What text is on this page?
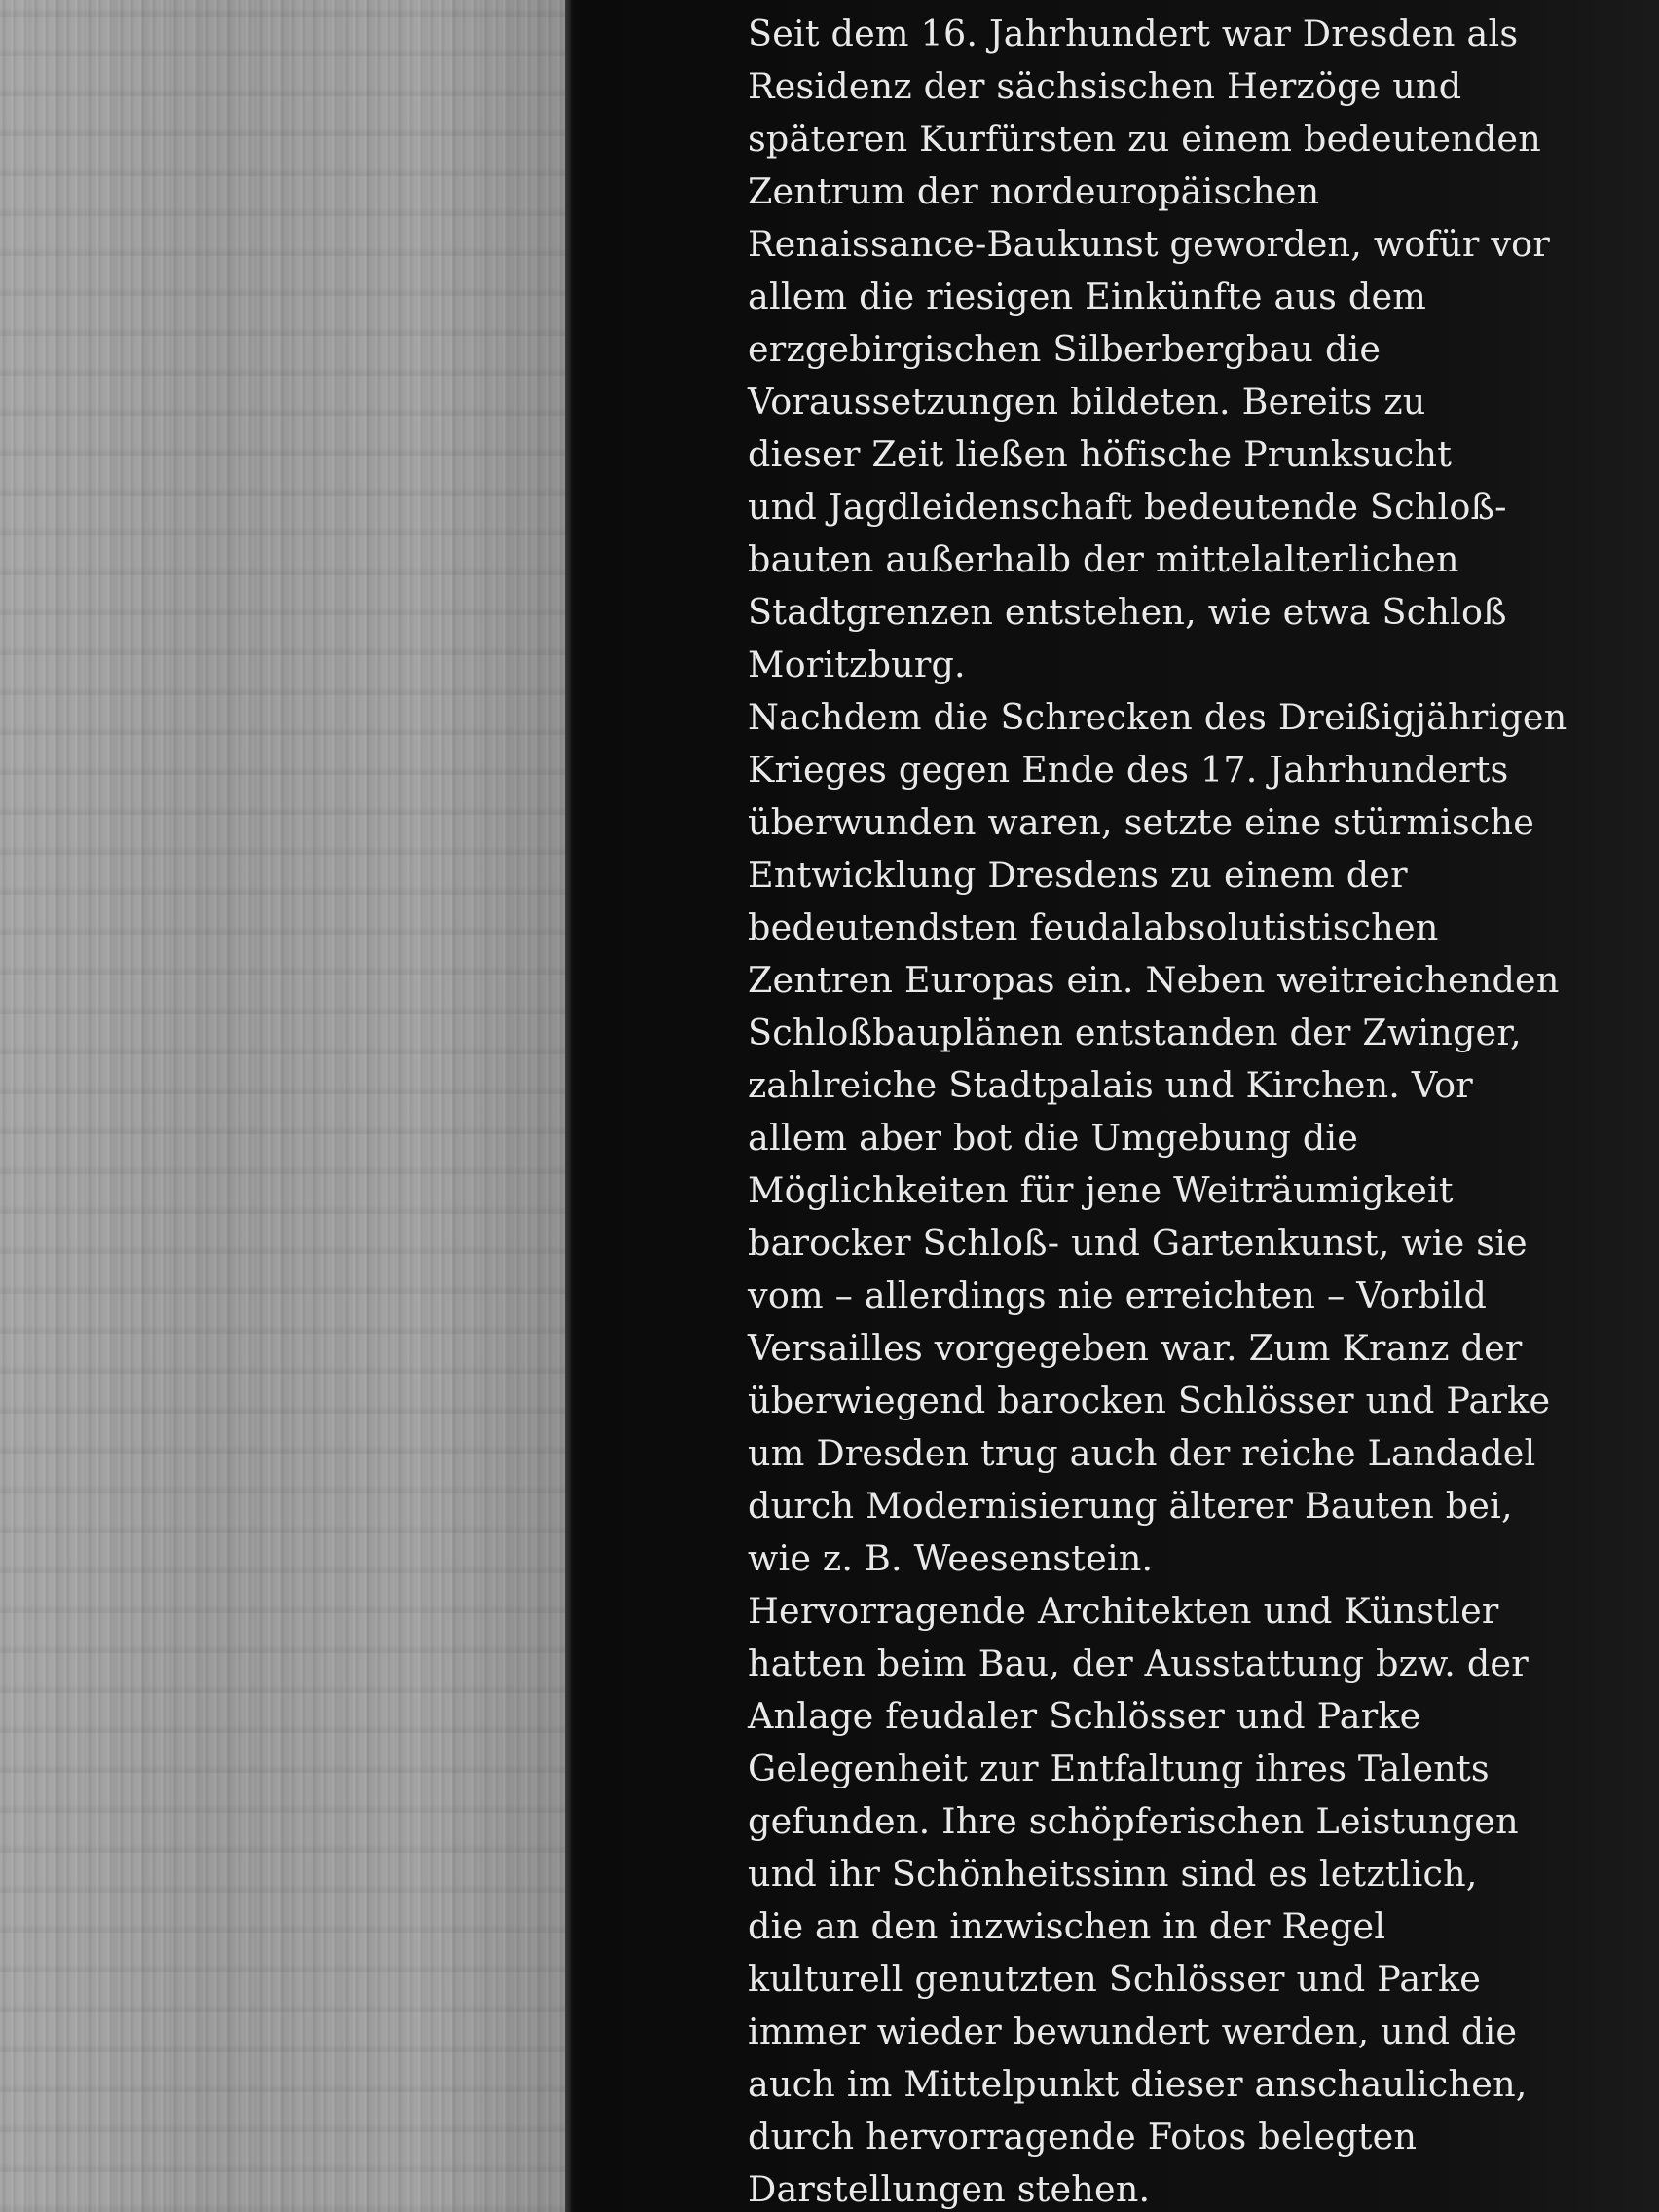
Seit dem 16. Jahrhundert war Dresden als
Residenz der sächsischen Herzöge und
späteren Kurfürsten zu einem bedeutenden
Zentrum der nordeuropäischen
Renaissance-Baukunst geworden, wofür vor
allem die riesigen Einkünfte aus dem
erzgebirgischen Silberbergbau die
Voraussetzungen bildeten. Bereits zu
dieser Zeit ließen höfische Prunksucht
und Jagdleidenschaft bedeutende Schloß-
bauten außerhalb der mittelalterlichen
Stadtgrenzen entstehen, wie etwa Schloß
Moritzburg.
Nachdem die Schrecken des Dreißigjährigen
Krieges gegen Ende des 17. Jahrhunderts
überwunden waren, setzte eine stürmische
Entwicklung Dresdens zu einem der
bedeutendsten feudalabsolutistischen
Zentren Europas ein. Neben weitreichenden
Schloßbauplänen entstanden der Zwinger,
zahlreiche Stadtpalais und Kirchen. Vor
allem aber bot die Umgebung die
Möglichkeiten für jene Weiträumigkeit
barocker Schloß- und Gartenkunst, wie sie
vom – allerdings nie erreichten – Vorbild
Versailles vorgegeben war. Zum Kranz der
überwiegend barocken Schlösser und Parke
um Dresden trug auch der reiche Landadel
durch Modernisierung älterer Bauten bei,
wie z. B. Weesenstein.
Hervorragende Architekten und Künstler
hatten beim Bau, der Ausstattung bzw. der
Anlage feudaler Schlösser und Parke
Gelegenheit zur Entfaltung ihres Talents
gefunden. Ihre schöpferischen Leistungen
und ihr Schönheitssinn sind es letztlich,
die an den inzwischen in der Regel
kulturell genutzten Schlösser und Parke
immer wieder bewundert werden, und die
auch im Mittelpunkt dieser anschaulichen,
durch hervorragende Fotos belegten
Darstellungen stehen.
